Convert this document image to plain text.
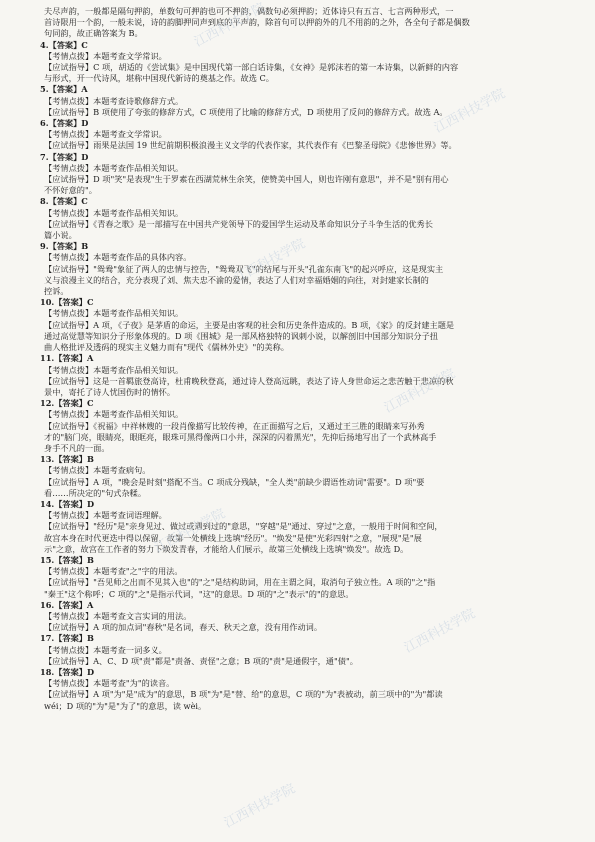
江西科技学院
江西科技学院
江西科技学院
江西科技学院
江西科技学院
江西科技学院
江西科技学院
夫尽声韵，一般都是隔句押韵，单数句可押韵也可不押韵，偶数句必须押韵；近体诗只有五言、七言两种形式，一
首诗限用一个韵，一般未说，诗的韵脚押同声到底的平声韵，除首句可以押韵外的几不用韵的之外，各全句子都是偶数
句同韵，故正确答案为 B。
4.【答案】C
【考情点拨】本题考查文学常识。
【应试指导】C 项，胡适的《尝试集》是中国现代第一部白话诗集，《女神》是郭沫若的第一本诗集，以新鲜的内容
与形式，开一代诗风，堪称中国现代新诗的奠基之作。故选 C。
5.【答案】A
【考情点拨】本题考查诗歌修辞方式。
【应试指导】B 项使用了夸张的修辞方式，C 项使用了比喻的修辞方式，D 项使用了反问的修辞方式。故选 A。
6.【答案】D
【考情点拨】本题考查文学常识。
【应试指导】雨果是法国 19 世纪前期积极浪漫主义文学的代表作家，其代表作有《巴黎圣母院》《悲惨世界》等。
7.【答案】D
【考情点拨】本题考查作品相关知识。
【应试指导】D 项"笑"是表现"生于罗素在西湖荒林生余笑，使赞美中国人，则也许刚有意思"，并不是"别有用心
不怀好意的"。
8.【答案】C
【考情点拨】本题考查作品相关知识。
【应试指导】《青春之歌》是一部描写在中国共产党领导下的爱国学生运动及革命知识分子斗争生活的优秀长
篇小说。
9.【答案】B
【考情点拨】本题考查作品的具体内容。
【应试指导】"鸳鸯"象征了两人的忠情与控告，"鸳鸯双飞"的结尾与开头"孔雀东南飞"的起兴呼应，这是现实主
义与浪漫主义的结合，充分表现了刘、焦夫忠不渝的爱情，表达了人们对幸福婚姻的向往，对封建家长制的
控诉。
10.【答案】C
【考情点拨】本题考查作品相关知识。
【应试指导】A 项，《子夜》是茅盾的命运，主要是由客观的社会和历史条件造成的。B 项，《家》的反封建主题是
通过高觉慧等知识分子形象体现的。D 项《围城》是一部风格独特的讽刺小说，以解剖旧中国部分知识分子扭
曲人格批评及透码的现实主义魅力而有"现代《儒林外史》"的美称。
11.【答案】A
【考情点拨】本题考查作品相关知识。
【应试指导】这是一首羁旅登高诗，杜甫晚秋登高，通过诗人登高远眺，表达了诗人身世命运之悲苦触于悲凉的秋
景中，寄托了诗人忧国伤时的情怀。
12.【答案】C
【考情点拨】本题考查作品相关知识。
【应试指导】《祝福》中祥林嫂的一段肖像描写比较传神，在正面描写之后，又通过王三胜的眼睛来写孙秀
才的"脑门亮，眼睛亮，眼眶亮，眼珠可黑得像两口小井，深深的闪着黑光"，先抑后扬地写出了一个武林高手
身手不凡的一面。
13.【答案】B
【考情点拨】本题考查病句。
【应试指导】A 项，"晚会是时刻"搭配不当。C 项成分残缺，"全人类"前缺少谓语性动词"需要"。D 项"要
看……所决定的"句式杂糅。
14.【答案】D
【考情点拨】本题考查词语理解。
【应试指导】"经历"是"亲身见过、做过或遇到过的"意思，"穿越"是"通过、穿过"之意，一般用于时间和空间，
故宫本身在时代更迭中得以保留，故第一处横线上选填"经历"。"焕发"是使"光彩四射"之意，"展现"是"展
示"之意，故宫在工作者的努力下焕发青春，才能给人们展示，故第三处横线上选填"焕发"。故选 D。
15.【答案】B
【考情点拨】本题考查"之"字的用法。
【应试指导】"吾见师之出而不见其入也"的"之"是结构助词，用在主谓之间，取消句子独立性。A 项的"之"指
"秦王"这个称呼；C 项的"之"是指示代词，"这"的意思。D 项的"之"表示"的"的意思。
16.【答案】A
【考情点拨】本题考查文言实词的用法。
【应试指导】A 项的加点词"春秋"是名词，春天、秋天之意，没有用作动词。
17.【答案】B
【考情点拨】本题考查一词多义。
【应试指导】A、C、D 项"责"都是"责备、责怪"之意；B 项的"责"是通假字，通"债"。
18.【答案】D
【考情点拨】本题考查"为"的读音。
【应试指导】A 项"为"是"成为"的意思，B 项"为"是"替、给"的意思，C 项的"为"表被动，前三项中的"为"都读
wéi；D 项的"为"是"为了"的意思，读 wèi。
